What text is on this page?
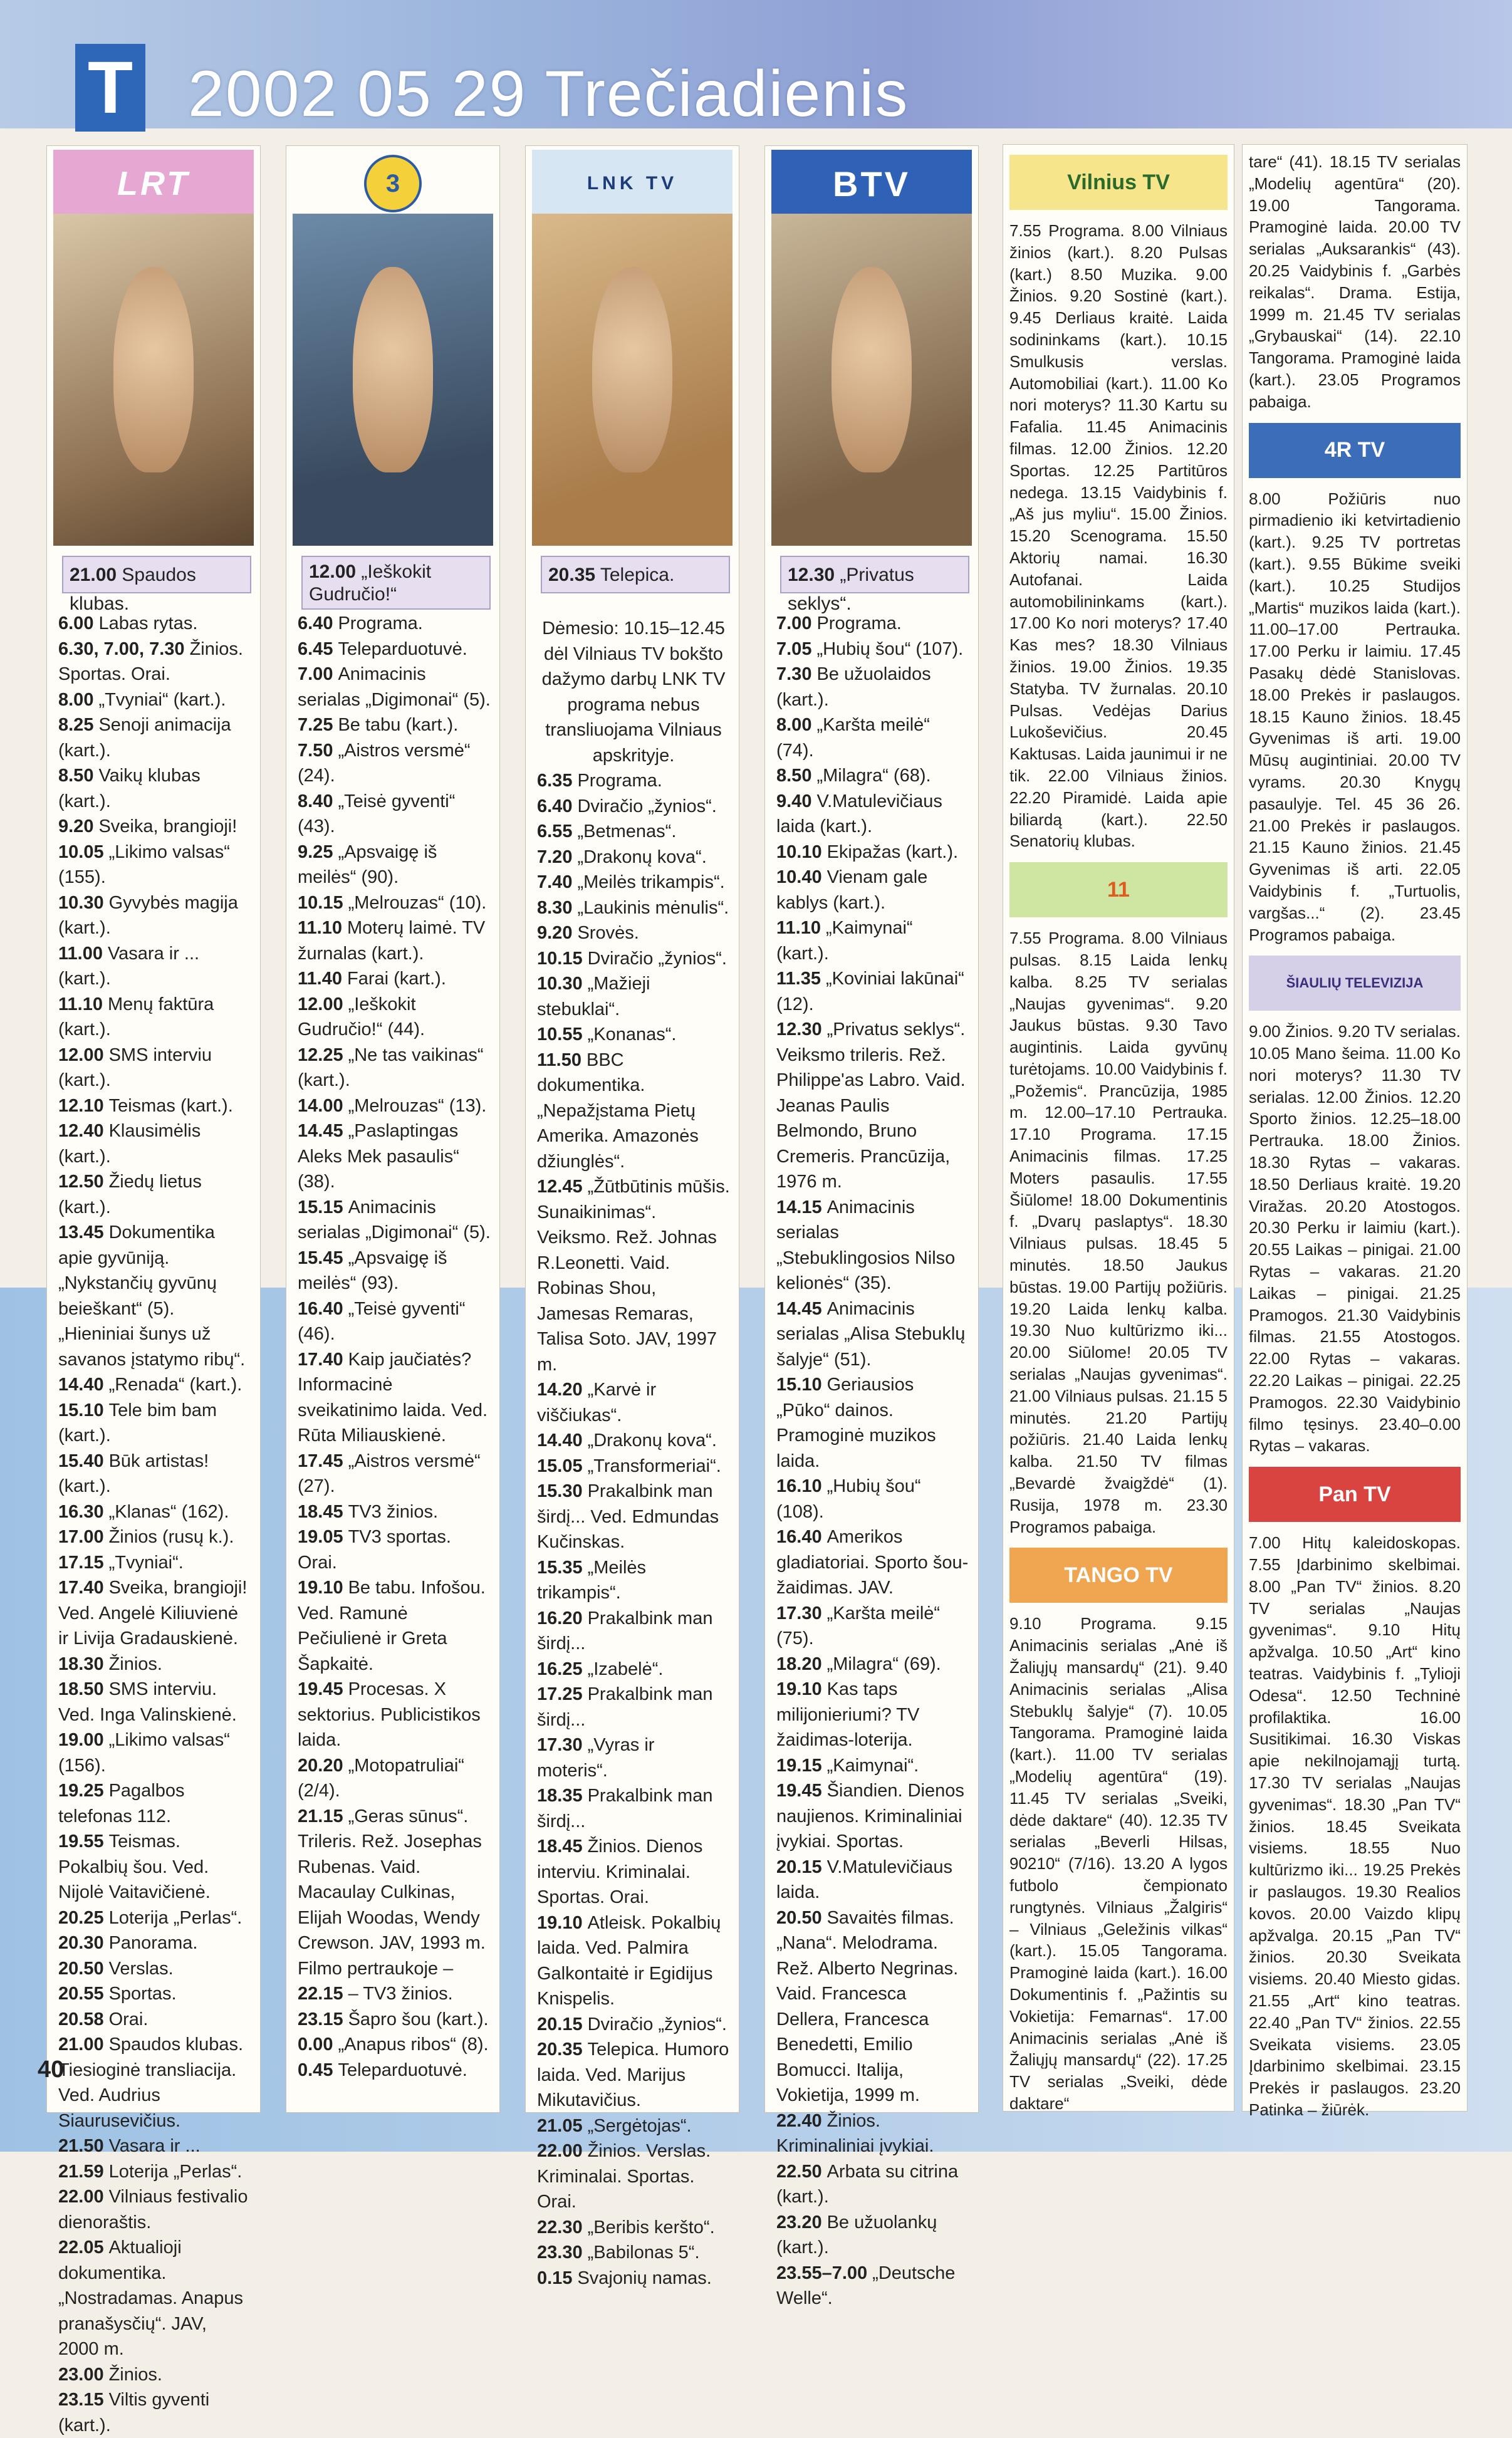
T 2002 05 29 Trečiadienis
LRT
21.00 Spaudos klubas.
6.00 Labas rytas.
6.30, 7.00, 7.30 Žinios. Sportas. Orai.
8.00 „Tvyniai“ (kart.).
8.25 Senoji animacija (kart.).
8.50 Vaikų klubas (kart.).
9.20 Sveika, brangioji!
10.05 „Likimo valsas“ (155).
10.30 Gyvybės magija (kart.).
11.00 Vasara ir ... (kart.).
11.10 Menų faktūra (kart.).
12.00 SMS interviu (kart.).
12.10 Teismas (kart.).
12.40 Klausimėlis (kart.).
12.50 Žiedų lietus (kart.).
13.45 Dokumentika apie gyvūniją. „Nykstančių gyvūnų beieškant“ (5). „Hieniniai šunys už savanos įstatymo ribų“.
14.40 „Renada“ (kart.).
15.10 Tele bim bam (kart.).
15.40 Būk artistas! (kart.).
16.30 „Klanas“ (162).
17.00 Žinios (rusų k.).
17.15 „Tvyniai“.
17.40 Sveika, brangioji! Ved. Angelė Kiliuvienė ir Livija Gradauskienė.
18.30 Žinios.
18.50 SMS interviu. Ved. Inga Valinskienė.
19.00 „Likimo valsas“ (156).
19.25 Pagalbos telefonas 112.
19.55 Teismas. Pokalbių šou. Ved. Nijolė Vaitavičienė.
20.25 Loterija „Perlas“.
20.30 Panorama.
20.50 Verslas.
20.55 Sportas.
20.58 Orai.
21.00 Spaudos klubas. Tiesioginė transliacija. Ved. Audrius Siaurusevičius.
21.50 Vasara ir ...
21.59 Loterija „Perlas“.
22.00 Vilniaus festivalio dienoraštis.
22.05 Aktualioji dokumentika. „Nostradamas. Anapus pranašysčių“. JAV, 2000 m.
23.00 Žinios.
23.15 Viltis gyventi (kart.).
3
12.00 „Ieškokit Gudručio!“
6.40 Programa.
6.45 Teleparduotuvė.
7.00 Animacinis serialas „Digimonai“ (5).
7.25 Be tabu (kart.).
7.50 „Aistros versmė“ (24).
8.40 „Teisė gyventi“ (43).
9.25 „Apsvaigę iš meilės“ (90).
10.15 „Melrouzas“ (10).
11.10 Moterų laimė. TV žurnalas (kart.).
11.40 Farai (kart.).
12.00 „Ieškokit Gudručio!“ (44).
12.25 „Ne tas vaikinas“ (kart.).
14.00 „Melrouzas“ (13).
14.45 „Paslaptingas Aleks Mek pasaulis“ (38).
15.15 Animacinis serialas „Digimonai“ (5).
15.45 „Apsvaigę iš meilės“ (93).
16.40 „Teisė gyventi“ (46).
17.40 Kaip jaučiatės? Informacinė sveikatinimo laida. Ved. Rūta Miliauskienė.
17.45 „Aistros versmė“ (27).
18.45 TV3 žinios.
19.05 TV3 sportas. Orai.
19.10 Be tabu. Infošou. Ved. Ramunė Pečiulienė ir Greta Šapkaitė.
19.45 Procesas. X sektorius. Publicistikos laida.
20.20 „Motopatruliai“ (2/4).
21.15 „Geras sūnus“. Trileris. Rež. Josephas Rubenas. Vaid. Macaulay Culkinas, Elijah Woodas, Wendy Crewson. JAV, 1993 m. Filmo pertraukoje –
22.15 – TV3 žinios.
23.15 Šapro šou (kart.).
0.00 „Anapus ribos“ (8).
0.45 Teleparduotuvė.
LNK TV
20.35 Telepica.
Dėmesio: 10.15–12.45 dėl Vilniaus TV bokšto dažymo darbų LNK TV programa nebus transliuojama Vilniaus apskrityje.
6.35 Programa.
6.40 Dviračio „žynios“.
6.55 „Betmenas“.
7.20 „Drakonų kova“.
7.40 „Meilės trikampis“.
8.30 „Laukinis mėnulis“.
9.20 Srovės.
10.15 Dviračio „žynios“.
10.30 „Mažieji stebuklai“.
10.55 „Konanas“.
11.50 BBC dokumentika. „Nepažįstama Pietų Amerika. Amazonės džiunglės“.
12.45 „Žūtbūtinis mūšis. Sunaikinimas“. Veiksmo. Rež. Johnas R.Leonetti. Vaid. Robinas Shou, Jamesas Remaras, Talisa Soto. JAV, 1997 m.
14.20 „Karvė ir viščiukas“.
14.40 „Drakonų kova“.
15.05 „Transformeriai“.
15.30 Prakalbink man širdį... Ved. Edmundas Kučinskas.
15.35 „Meilės trikampis“.
16.20 Prakalbink man širdį...
16.25 „Izabelė“.
17.25 Prakalbink man širdį...
17.30 „Vyras ir moteris“.
18.35 Prakalbink man širdį...
18.45 Žinios. Dienos interviu. Kriminalai. Sportas. Orai.
19.10 Atleisk. Pokalbių laida. Ved. Palmira Galkontaitė ir Egidijus Knispelis.
20.15 Dviračio „žynios“.
20.35 Telepica. Humoro laida. Ved. Marijus Mikutavičius.
21.05 „Sergėtojas“.
22.00 Žinios. Verslas. Kriminalai. Sportas. Orai.
22.30 „Beribis keršto“.
23.30 „Babilonas 5“.
0.15 Svajonių namas.
BTV
12.30 „Privatus seklys“.
7.00 Programa.
7.05 „Hubių šou“ (107).
7.30 Be užuolaidos (kart.).
8.00 „Karšta meilė“ (74).
8.50 „Milagra“ (68).
9.40 V.Matulevičiaus laida (kart.).
10.10 Ekipažas (kart.).
10.40 Vienam gale kablys (kart.).
11.10 „Kaimynai“ (kart.).
11.35 „Koviniai lakūnai“ (12).
12.30 „Privatus seklys“. Veiksmo trileris. Rež. Philippe'as Labro. Vaid. Jeanas Paulis Belmondo, Bruno Cremeris. Prancūzija, 1976 m.
14.15 Animacinis serialas „Stebuklingosios Nilso kelionės“ (35).
14.45 Animacinis serialas „Alisa Stebuklų šalyje“ (51).
15.10 Geriausios „Pūko“ dainos. Pramoginė muzikos laida.
16.10 „Hubių šou“ (108).
16.40 Amerikos gladiatoriai. Sporto šou-žaidimas. JAV.
17.30 „Karšta meilė“ (75).
18.20 „Milagra“ (69).
19.10 Kas taps milijonieriumi? TV žaidimas-loterija.
19.15 „Kaimynai“.
19.45 Šiandien. Dienos naujienos. Kriminaliniai įvykiai. Sportas.
20.15 V.Matulevičiaus laida.
20.50 Savaitės filmas. „Nana“. Melodrama. Rež. Alberto Negrinas. Vaid. Francesca Dellera, Francesca Benedetti, Emilio Bomucci. Italija, Vokietija, 1999 m.
22.40 Žinios. Kriminaliniai įvykiai.
22.50 Arbata su citrina (kart.).
23.20 Be užuolankų (kart.).
23.55–7.00 „Deutsche Welle“.
Vilnius TV
7.55 Programa. 8.00 Vilniaus žinios (kart.). 8.20 Pulsas (kart.) 8.50 Muzika. 9.00 Žinios. 9.20 Sostinė (kart.). 9.45 Derliaus kraitė. Laida sodininkams (kart.). 10.15 Smulkusis verslas. Automobiliai (kart.). 11.00 Ko nori moterys? 11.30 Kartu su Fafalia. 11.45 Animacinis filmas. 12.00 Žinios. 12.20 Sportas. 12.25 Partitūros nedega. 13.15 Vaidybinis f. „Aš jus myliu“. 15.00 Žinios. 15.20 Scenograma. 15.50 Aktorių namai. 16.30 Autofanai. Laida automobilininkams (kart.). 17.00 Ko nori moterys? 17.40 Kas mes? 18.30 Vilniaus žinios. 19.00 Žinios. 19.35 Statyba. TV žurnalas. 20.10 Pulsas. Vedėjas Darius Lukoševičius. 20.45 Kaktusas. Laida jaunimui ir ne tik. 22.00 Vilniaus žinios. 22.20 Piramidė. Laida apie biliardą (kart.). 22.50 Senatorių klubas.
11
7.55 Programa. 8.00 Vilniaus pulsas. 8.15 Laida lenkų kalba. 8.25 TV serialas „Naujas gyvenimas“. 9.20 Jaukus būstas. 9.30 Tavo augintinis. Laida gyvūnų turėtojams. 10.00 Vaidybinis f. „Požemis“. Prancūzija, 1985 m. 12.00–17.10 Pertrauka. 17.10 Programa. 17.15 Animacinis filmas. 17.25 Moters pasaulis. 17.55 Šiūlome! 18.00 Dokumentinis f. „Dvarų paslaptys“. 18.30 Vilniaus pulsas. 18.45 5 minutės. 18.50 Jaukus būstas. 19.00 Partijų požiūris. 19.20 Laida lenkų kalba. 19.30 Nuo kultūrizmo iki... 20.00 Siūlome! 20.05 TV serialas „Naujas gyvenimas“. 21.00 Vilniaus pulsas. 21.15 5 minutės. 21.20 Partijų požiūris. 21.40 Laida lenkų kalba. 21.50 TV filmas „Bevardė žvaigždė“ (1). Rusija, 1978 m. 23.30 Programos pabaiga.
TANGO TV
9.10 Programa. 9.15 Animacinis serialas „Anė iš Žaliųjų mansardų“ (21). 9.40 Animacinis serialas „Alisa Stebuklų šalyje“ (7). 10.05 Tangorama. Pramoginė laida (kart.). 11.00 TV serialas „Modelių agentūra“ (19). 11.45 TV serialas „Sveiki, dėde daktare“ (40). 12.35 TV serialas „Beverli Hilsas, 90210“ (7/16). 13.20 A lygos futbolo čempionato rungtynės. Vilniaus „Žalgiris“ – Vilniaus „Geležinis vilkas“ (kart.). 15.05 Tangorama. Pramoginė laida (kart.). 16.00 Dokumentinis f. „Pažintis su Vokietija: Femarnas“. 17.00 Animacinis serialas „Anė iš Žaliųjų mansardų“ (22). 17.25 TV serialas „Sveiki, dėde daktare“
tare“ (41). 18.15 TV serialas „Modelių agentūra“ (20). 19.00 Tangorama. Pramoginė laida. 20.00 TV serialas „Auksarankis“ (43). 20.25 Vaidybinis f. „Garbės reikalas“. Drama. Estija, 1999 m. 21.45 TV serialas „Grybauskai“ (14). 22.10 Tangorama. Pramoginė laida (kart.). 23.05 Programos pabaiga.
4R TV
8.00 Požiūris nuo pirmadienio iki ketvirtadienio (kart.). 9.25 TV portretas (kart.). 9.55 Būkime sveiki (kart.). 10.25 Studijos „Martis“ muzikos laida (kart.). 11.00–17.00 Pertrauka. 17.00 Perku ir laimiu. 17.45 Pasakų dėdė Stanislovas. 18.00 Prekės ir paslaugos. 18.15 Kauno žinios. 18.45 Gyvenimas iš arti. 19.00 Mūsų augintiniai. 20.00 TV vyrams. 20.30 Knygų pasaulyje. Tel. 45 36 26. 21.00 Prekės ir paslaugos. 21.15 Kauno žinios. 21.45 Gyvenimas iš arti. 22.05 Vaidybinis f. „Turtuolis, vargšas...“ (2). 23.45 Programos pabaiga.
ŠIAULIŲ TELEVIZIJA
9.00 Žinios. 9.20 TV serialas. 10.05 Mano šeima. 11.00 Ko nori moterys? 11.30 TV serialas. 12.00 Žinios. 12.20 Sporto žinios. 12.25–18.00 Pertrauka. 18.00 Žinios. 18.30 Rytas – vakaras. 18.50 Derliaus kraitė. 19.20 Viražas. 20.20 Atostogos. 20.30 Perku ir laimiu (kart.). 20.55 Laikas – pinigai. 21.00 Rytas – vakaras. 21.20 Laikas – pinigai. 21.25 Pramogos. 21.30 Vaidybinis filmas. 21.55 Atostogos. 22.00 Rytas – vakaras. 22.20 Laikas – pinigai. 22.25 Pramogos. 22.30 Vaidybinio filmo tęsinys. 23.40–0.00 Rytas – vakaras.
Pan TV
7.00 Hitų kaleidoskopas. 7.55 Įdarbinimo skelbimai. 8.00 „Pan TV“ žinios. 8.20 TV serialas „Naujas gyvenimas“. 9.10 Hitų apžvalga. 10.50 „Art“ kino teatras. Vaidybinis f. „Tylioji Odesa“. 12.50 Techninė profilaktika. 16.00 Susitikimai. 16.30 Viskas apie nekilnojamąjį turtą. 17.30 TV serialas „Naujas gyvenimas“. 18.30 „Pan TV“ žinios. 18.45 Sveikata visiems. 18.55 Nuo kultūrizmo iki... 19.25 Prekės ir paslaugos. 19.30 Realios kovos. 20.00 Vaizdo klipų apžvalga. 20.15 „Pan TV“ žinios. 20.30 Sveikata visiems. 20.40 Miesto gidas. 21.55 „Art“ kino teatras. 22.40 „Pan TV“ žinios. 22.55 Sveikata visiems. 23.05 Įdarbinimo skelbimai. 23.15 Prekės ir paslaugos. 23.20 Patinka – žiūrėk.
40
